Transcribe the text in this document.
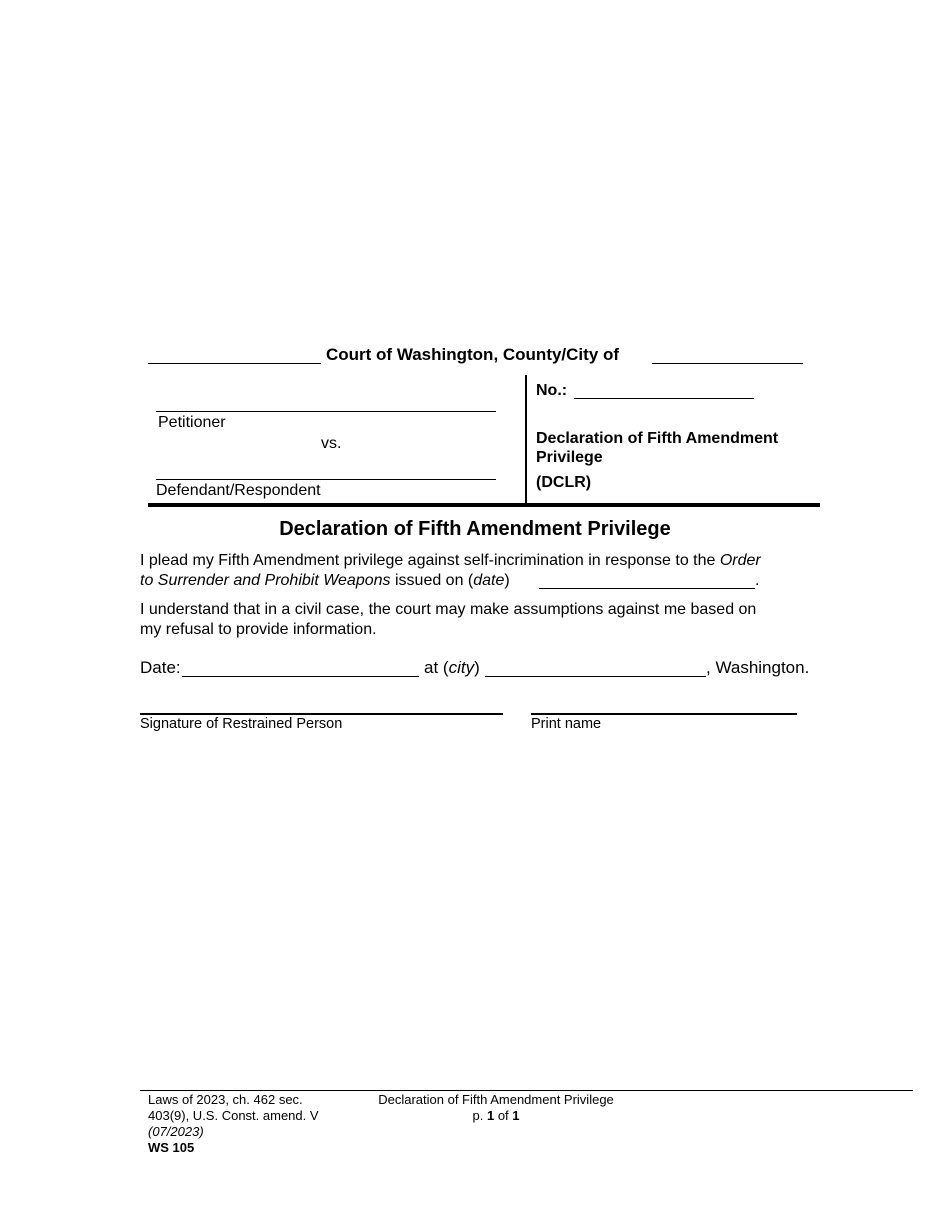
Court of Washington, County/City of
Petitioner
vs.
Defendant/Respondent
No.:
Declaration of Fifth Amendment
Privilege
(DCLR)
Declaration of Fifth Amendment Privilege
I plead my Fifth Amendment privilege against self-incrimination in response to the Order
to Surrender and Prohibit Weapons issued on (date)	.
I understand that in a civil case, the court may make assumptions against me based on
my refusal to provide information.
Date:	at (city)	, Washington.
Signature of Restrained Person	Print name
Laws of 2023, ch. 462 sec.
403(9), U.S. Const. amend. V
(07/2023)
WS 105
Declaration of Fifth Amendment Privilege
p. 1 of 1
